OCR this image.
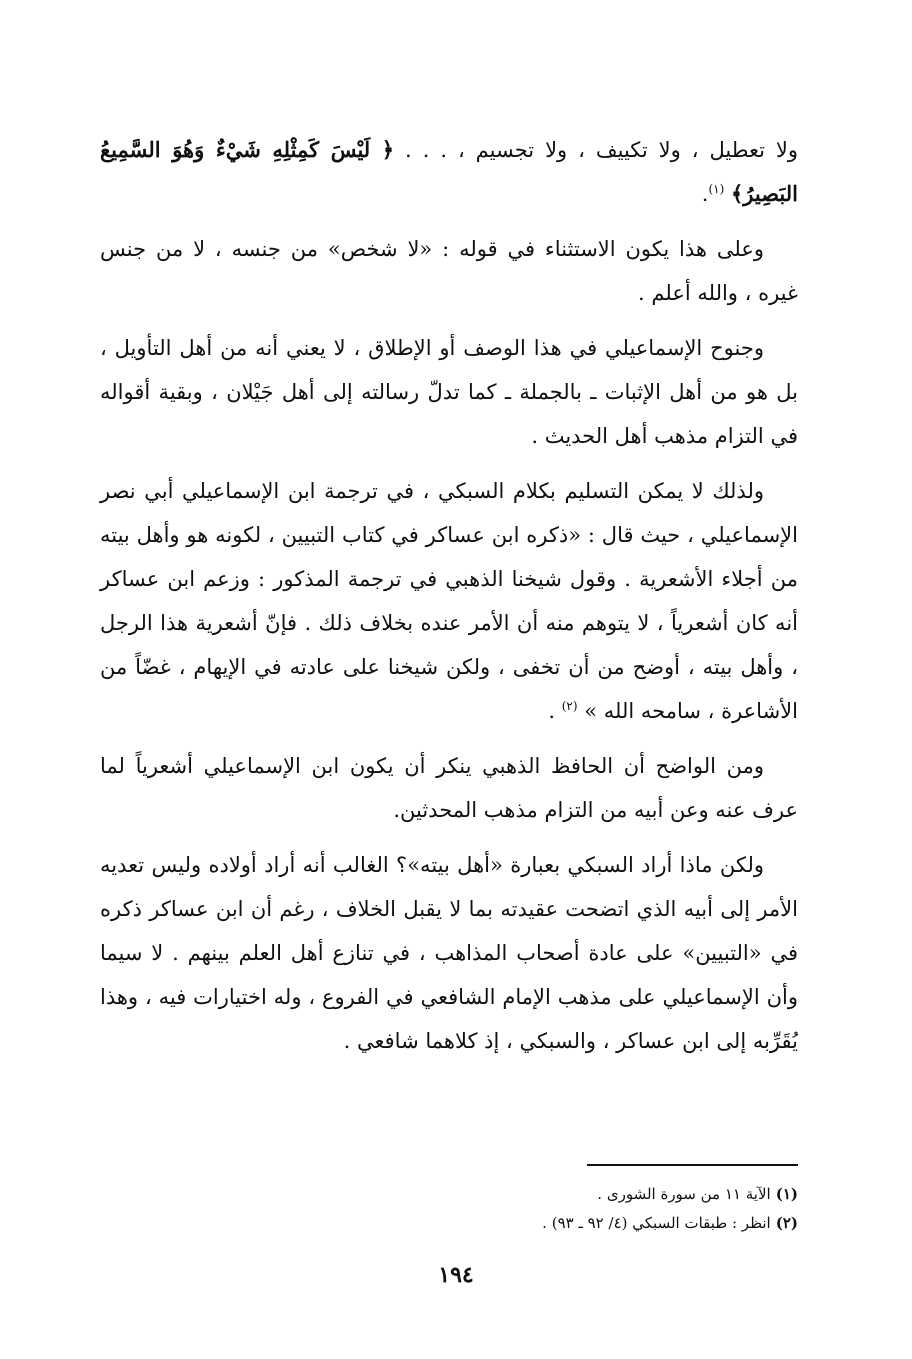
ولا تعطيل ، ولا تكييف ، ولا تجسيم ، . . . ﴿ لَيْسَ كَمِثْلِهِ شَيْءٌ وَهُوَ السَّمِيعُ البَصِيرُ﴾ $^{(١)}$.

وعلى هذا يكون الاستثناء في قوله : «لا شخص» من جنسه ، لا من جنس غيره ، والله أعلم .

وجنوح الإسماعيلي في هذا الوصف أو الإطلاق ، لا يعني أنه من أهل التأويل ، بل هو من أهل الإثبات ـ بالجملة ـ كما تدلّ رسالته إلى أهل جَيْلان ، وبقية أقواله في التزام مذهب أهل الحديث .

ولذلك لا يمكن التسليم بكلام السبكي ، في ترجمة ابن الإسماعيلي أبي نصر الإسماعيلي ، حيث قال : «ذكره ابن عساكر في كتاب التبيين ، لكونه هو وأهل بيته من أجلاء الأشعرية . وقول شيخنا الذهبي في ترجمة المذكور : وزعم ابن عساكر أنه كان أشعرياً ، لا يتوهم منه أن الأمر عنده بخلاف ذلك . فإنّ أشعرية هذا الرجل ، وأهل بيته ، أوضح من أن تخفى ، ولكن شيخنا على عادته في الإيهام ، غضّاً من الأشاعرة ، سامحه الله » $^{(٢)}$ .

ومن الواضح أن الحافظ الذهبي ينكر أن يكون ابن الإسماعيلي أشعرياً لما عرف عنه وعن أبيه من التزام مذهب المحدثين.

ولكن ماذا أراد السبكي بعبارة «أهل بيته»؟ الغالب أنه أراد أولاده وليس تعديه الأمر إلى أبيه الذي اتضحت عقيدته بما لا يقبل الخلاف ، رغم أن ابن عساكر ذكره في «التبيين» على عادة أصحاب المذاهب ، في تنازع أهل العلم بينهم . لا سيما وأن الإسماعيلي على مذهب الإمام الشافعي في الفروع ، وله اختيارات فيه ، وهذا يُقَرِّبه إلى ابن عساكر ، والسبكي ، إذ كلاهما شافعي .

(١)الآية ١١ من سورة الشورى .
(٢)انظر : طبقات السبكي (٤/ ٩٢ ـ ٩٣) .
١٩٤
